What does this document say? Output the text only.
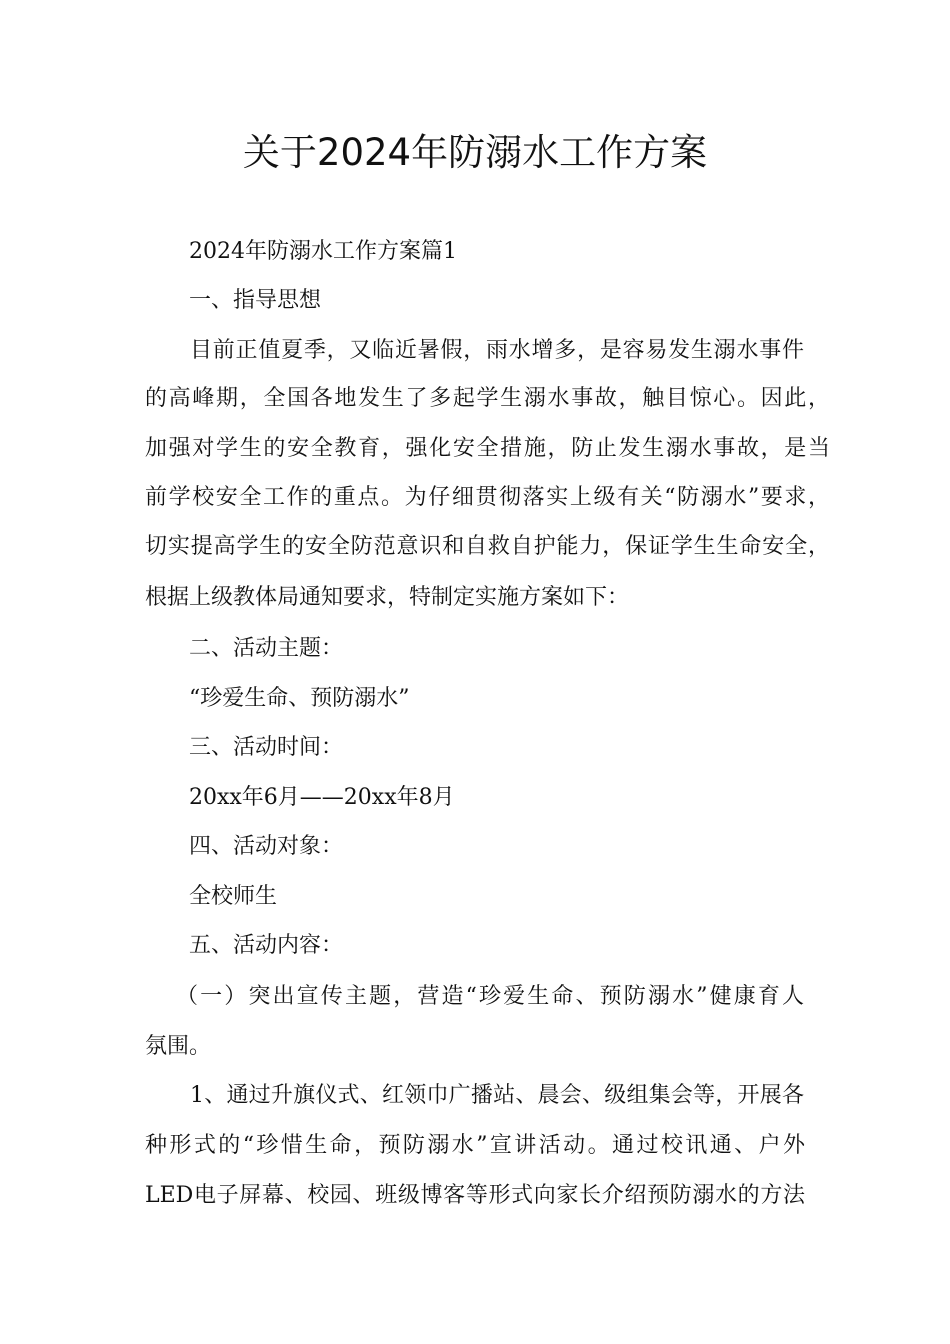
关于2024年防溺水工作方案
2024年防溺水工作方案篇1
一、指导思想
目前正值夏季，又临近暑假，雨水增多，是容易发生溺水事件
的高峰期，全国各地发生了多起学生溺水事故，触目惊心。因此，
加强对学生的安全教育，强化安全措施，防止发生溺水事故，是当
前学校安全工作的重点。为仔细贯彻落实上级有关“防溺水”要求，
切实提高学生的安全防范意识和自救自护能力，保证学生生命安全，
根据上级教体局通知要求，特制定实施方案如下：
二、活动主题：
“珍爱生命、预防溺水”
三、活动时间：
20xx年6月——20xx年8月
四、活动对象：
全校师生
五、活动内容：
（一）突出宣传主题，营造“珍爱生命、预防溺水”健康育人
氛围。
1、通过升旗仪式、红领巾广播站、晨会、级组集会等，开展各
种形式的“珍惜生命，预防溺水”宣讲活动。通过校讯通、户外
LED电子屏幕、校园、班级博客等形式向家长介绍预防溺水的方法
